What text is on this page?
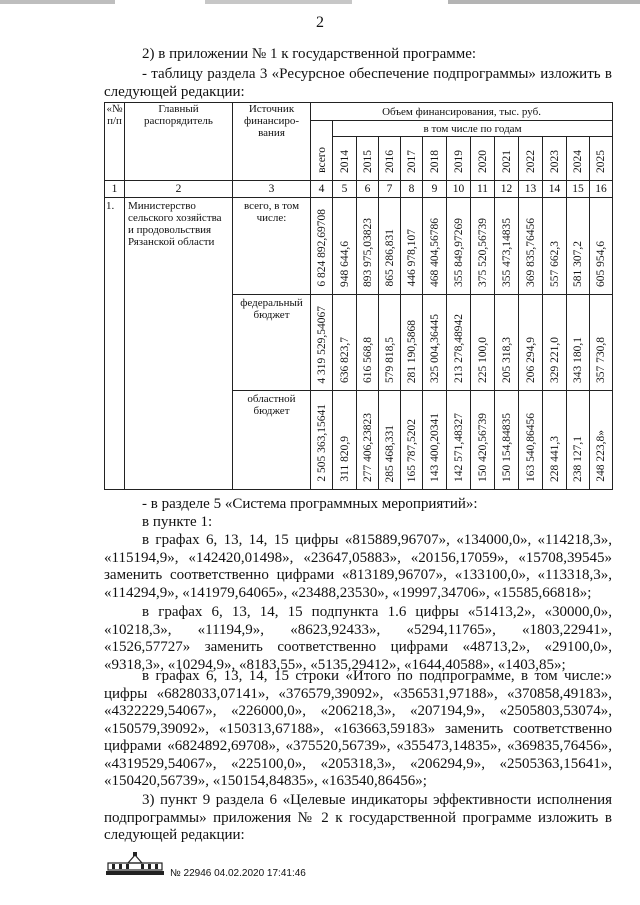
2
2) в приложении № 1 к государственной программе:
- таблицу раздела 3 «Ресурсное обеспечение подпрограммы» изложить в следующей редакции:
«№ п/п	Главный распорядитель	Источник финансиро-вания	Объем финансирования, тыс. руб.												
			всего	в том числе по годам											
				2014	2015	2016	2017	2018	2019	2020	2021	2022	2023	2024	2025
1	2	3	4	5	6	7	8	9	10	11	12	13	14	15	16
1.	Министерство сельского хозяйства и продовольствия Рязанской области	всего, в том числе:	6 824 892,69708	948 644,6	893 975,03823	865 286,831	446 978,107	468 404,56786	355 849,97269	375 520,56739	355 473,14835	369 835,76456	557 662,3	581 307,2	605 954,6
		федеральный бюджет	4 319 529,54067	636 823,7	616 568,8	579 818,5	281 190,5868	325 004,36445	213 278,48942	225 100,0	205 318,3	206 294,9	329 221,0	343 180,1	357 730,8
		областной бюджет	2 505 363,15641	311 820,9	277 406,23823	285 468,331	165 787,5202	143 400,20341	142 571,48327	150 420,56739	150 154,84835	163 540,86456	228 441,3	238 127,1	248 223,8»
- в разделе 5 «Система программных мероприятий»:
в пункте 1:
в графах 6, 13, 14, 15 цифры «815889,96707», «134000,0», «114218,3», «115194,9», «142420,01498», «23647,05883», «20156,17059», «15708,39545» заменить соответственно цифрами «813189,96707», «133100,0», «113318,3», «114294,9», «141979,64065», «23488,23530», «19997,34706», «15585,66818»;
в графах 6, 13, 14, 15 подпункта 1.6 цифры «51413,2», «30000,0», «10218,3», «11194,9», «8623,92433», «5294,11765», «1803,22941», «1526,57727» заменить соответственно цифрами «48713,2», «29100,0», «9318,3», «10294,9», «8183,55», «5135,29412», «1644,40588», «1403,85»;
в графах 6, 13, 14, 15 строки «Итого по подпрограмме, в том числе:» цифры «6828033,07141», «376579,39092», «356531,97188», «370858,49183», «4322229,54067», «226000,0», «206218,3», «207194,9», «2505803,53074», «150579,39092», «150313,67188», «163663,59183» заменить соответственно цифрами «6824892,69708», «375520,56739», «355473,14835», «369835,76456», «4319529,54067», «225100,0», «205318,3», «206294,9», «2505363,15641», «150420,56739», «150154,84835», «163540,86456»;
3) пункт 9 раздела 6 «Целевые индикаторы эффективности исполнения подпрограммы» приложения № 2 к государственной программе изложить в следующей редакции:
№ 22946 04.02.2020 17:41:46
